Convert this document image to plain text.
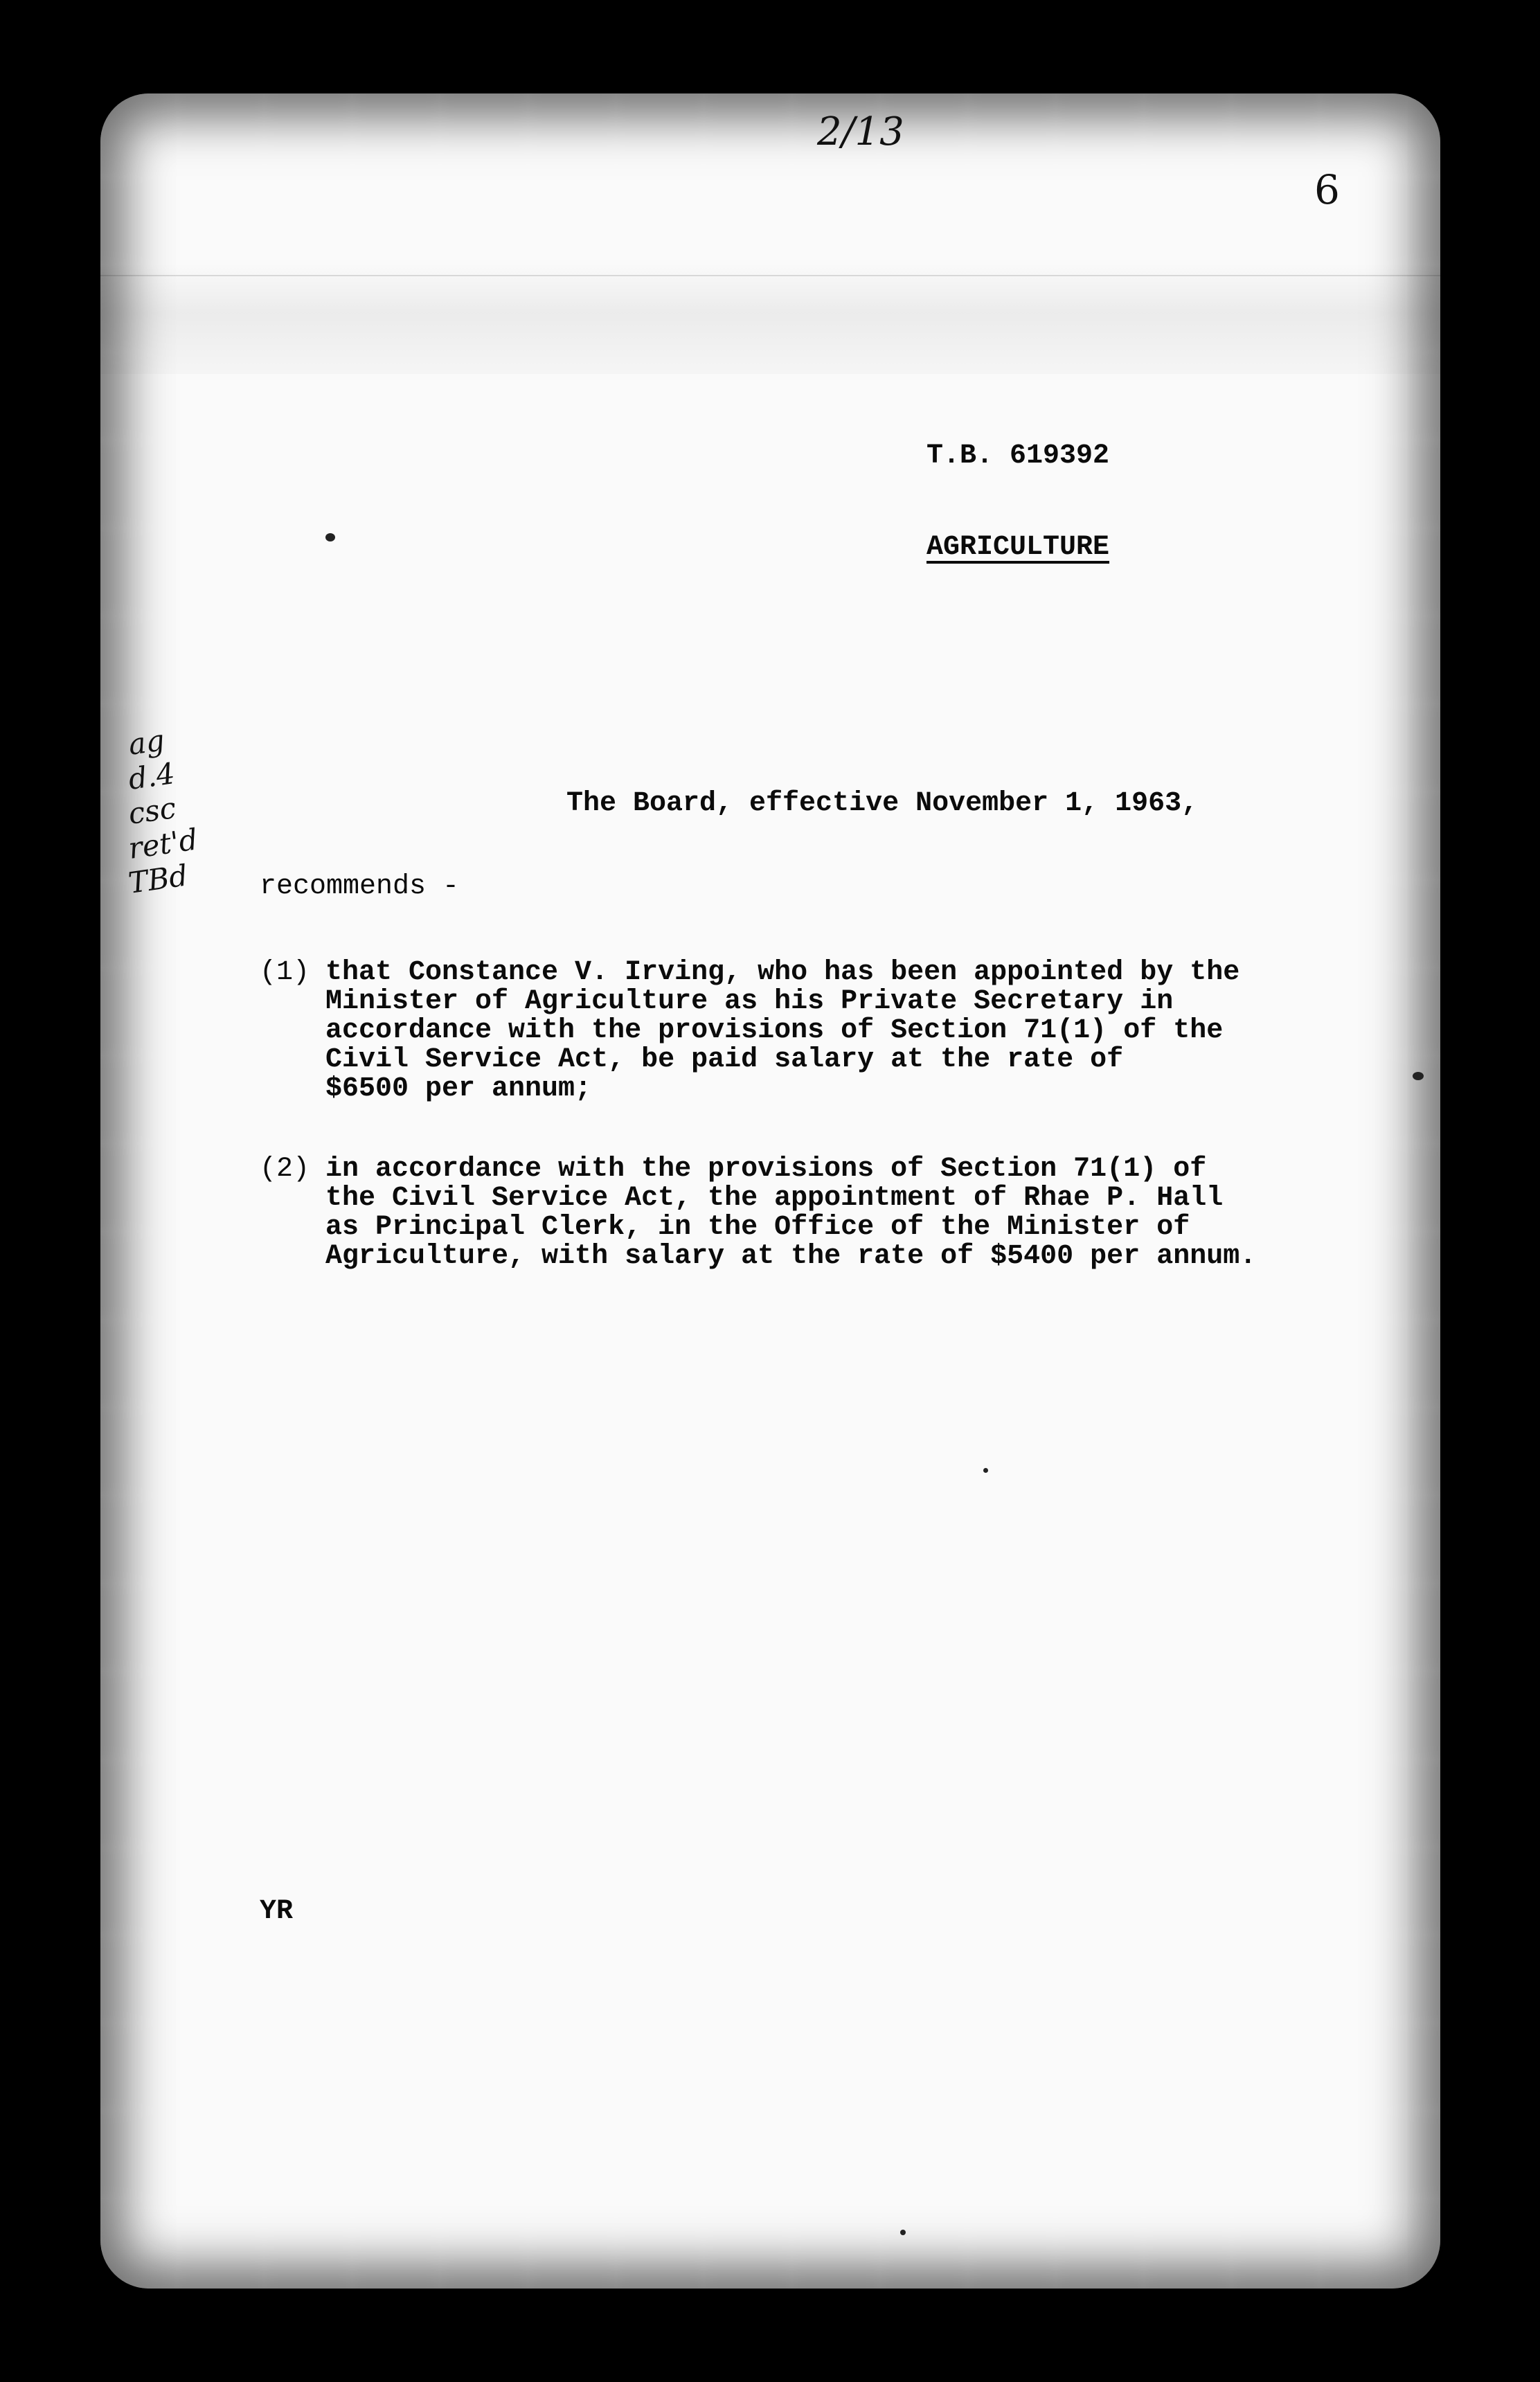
2/13
6
ag
d.4
csc
ret'd
TBd
T.B. 619392
AGRICULTURE
The Board, effective November 1, 1963,
recommends -
(1) that Constance V. Irving, who has been appointed by the
Minister of Agriculture as his Private Secretary in
accordance with the provisions of Section 71(1) of the
Civil Service Act, be paid salary at the rate of
$6500 per annum;
(2) in accordance with the provisions of Section 71(1) of
the Civil Service Act, the appointment of Rhae P. Hall
as Principal Clerk, in the Office of the Minister of
Agriculture, with salary at the rate of $5400 per annum.
YR
